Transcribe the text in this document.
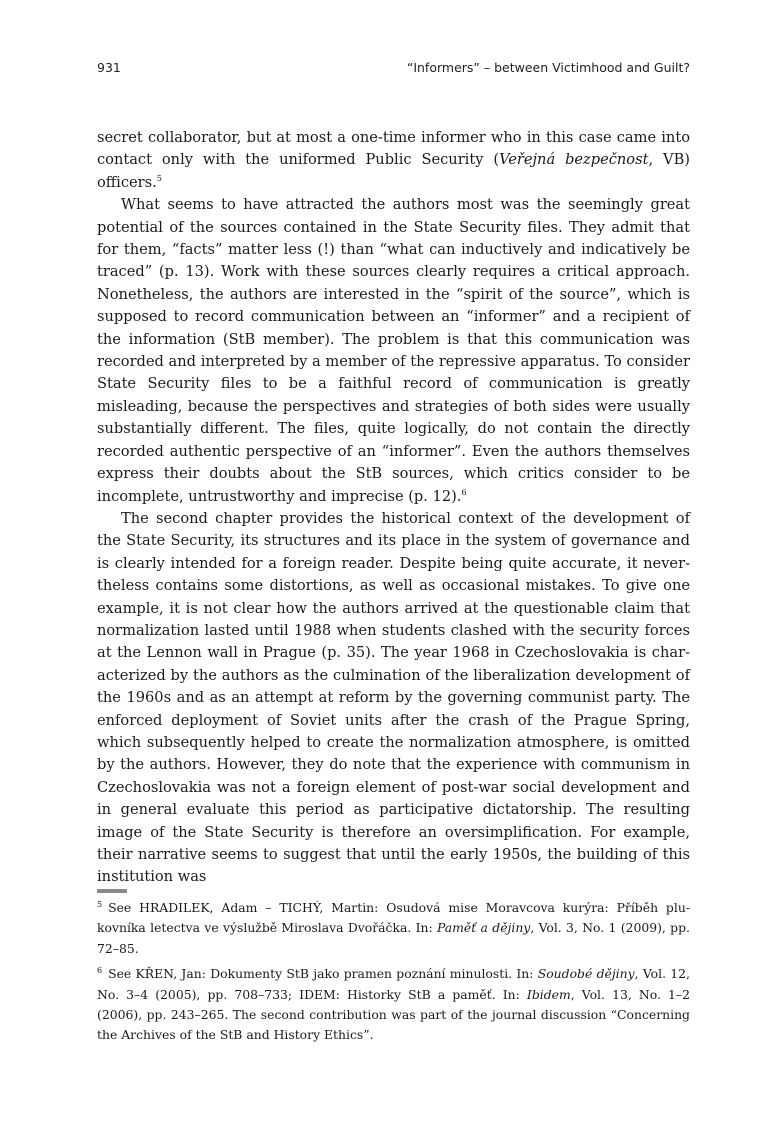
931	“Informers” – between Victimhood and Guilt?

secret collaborator, but at most a one-time informer who in this case came into contact only with the uniformed Public Security (Veřejná bezpečnost, VB) officers.$^5$

What seems to have attracted the authors most was the seemingly great potential of the sources contained in the State Security files. They admit that for them, “facts” matter less (!) than “what can inductively and indicatively be traced” (p. 13). Work with these sources clearly requires a critical approach. Nonetheless, the authors are interested in the “spirit of the source”, which is supposed to record communication between an “informer” and a recipient of the information (StB member). The problem is that this communication was recorded and interpreted by a member of the repressive apparatus. To consider State Security files to be a faithful record of communication is greatly misleading, because the perspectives and strategies of both sides were usually substantially different. The files, quite logically, do not contain the directly recorded authentic perspective of an “informer”. Even the authors themselves express their doubts about the StB sources, which critics consider to be incomplete, untrustworthy and imprecise (p. 12).$^6$

The second chapter provides the historical context of the development of the State Security, its structures and its place in the system of governance and is clearly intended for a foreign reader. Despite being quite accurate, it nevertheless contains some distortions, as well as occasional mistakes. To give one example, it is not clear how the authors arrived at the questionable claim that normalization lasted until 1988 when students clashed with the security forces at the Lennon wall in Prague (p. 35). The year 1968 in Czechoslovakia is characterized by the authors as the culmination of the liberalization development of the 1960s and as an attempt at reform by the governing communist party. The enforced deployment of Soviet units after the crash of the Prague Spring, which subsequently helped to create the normalization atmosphere, is omitted by the authors. However, they do note that the experience with communism in Czechoslovakia was not a foreign element of post-war social development and in general evaluate this period as participative dictatorship. The resulting image of the State Security is therefore an oversimplification. For example, their narrative seems to suggest that until the early 1950s, the building of this institution was

$^5$ See HRADILEK, Adam – TICHÝ, Martin: Osudová mise Moravcova kurýra: Příběh plukovníka letectva ve výslužbě Miroslava Dvořáčka. In: Paměť a dějiny, Vol. 3, No. 1 (2009), pp. 72–85.

$^6$ See KŘEN, Jan: Dokumenty StB jako pramen poznání minulosti. In: Soudobé dějiny, Vol. 12, No. 3–4 (2005), pp. 708–733; IDEM: Historky StB a paměť. In: Ibidem, Vol. 13, No. 1–2 (2006), pp. 243–265. The second contribution was part of the journal discussion “Concerning the Archives of the StB and History Ethics”.
